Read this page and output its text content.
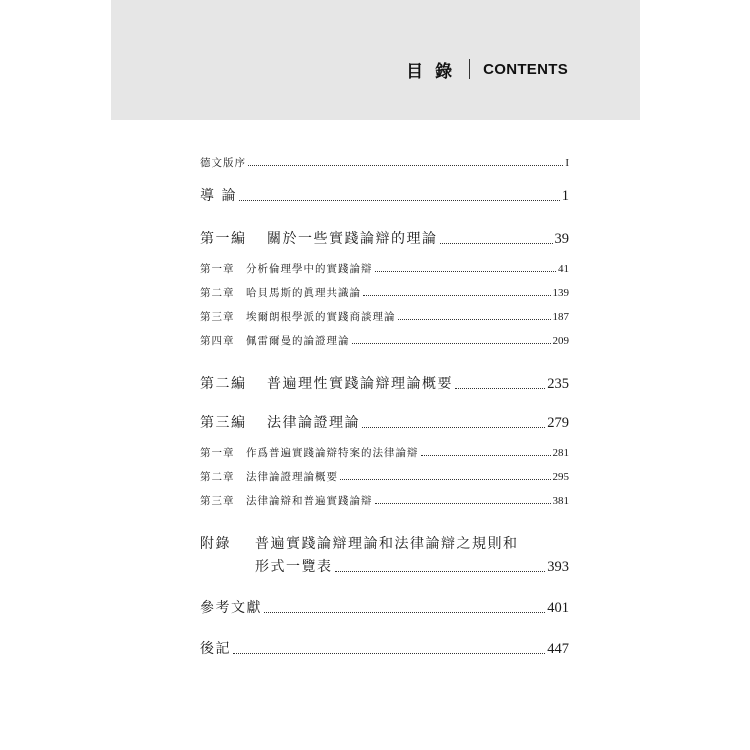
目 錄 CONTENTS
德文版序	I
導 論	1
第一編 關於一些實踐論辯的理論	39
第一章 分析倫理學中的實踐論辯	41
第二章 哈貝馬斯的眞理共識論	139
第三章 埃爾朗根學派的實踐商談理論	187
第四章 佩雷爾曼的論證理論	209
第二編 普遍理性實踐論辯理論概要	235
第三編 法律論證理論	279
第一章 作爲普遍實踐論辯特案的法律論辯	281
第二章 法律論證理論概要	295
第三章 法律論辯和普遍實踐論辯	381
附錄 普遍實踐論辯理論和法律論辯之規則和
形式一覽表	393
參考文獻	401
後記	447
